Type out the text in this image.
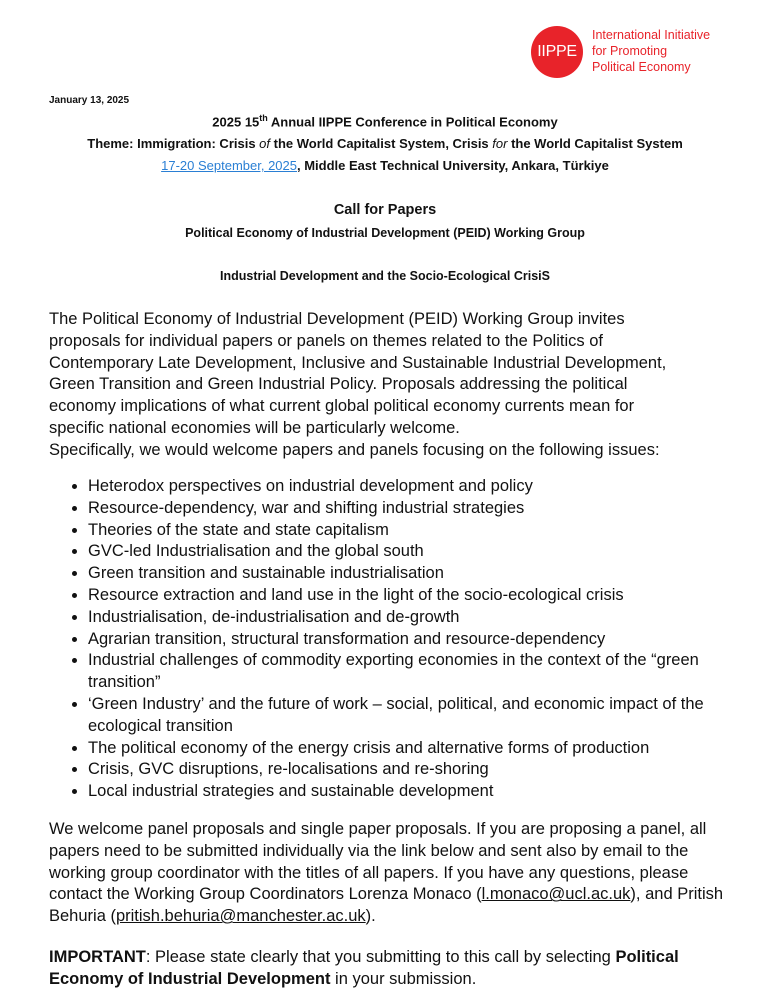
IIPPE
International Initiative
for Promoting
Political Economy
January 13, 2025
2025 15th Annual IIPPE Conference in Political Economy
Theme: Immigration: Crisis of the World Capitalist System, Crisis for the World Capitalist System
17-20 September, 2025, Middle East Technical University, Ankara, Türkiye
Call for Papers
Political Economy of Industrial Development (PEID) Working Group
Industrial Development and the Socio-Ecological CrisiS
The Political Economy of Industrial Development (PEID) Working Group invites
proposals for individual papers or panels on themes related to the Politics of
Contemporary Late Development, Inclusive and Sustainable Industrial Development,
Green Transition and Green Industrial Policy. Proposals addressing the political
economy implications of what current global political economy currents mean for
specific national economies will be particularly welcome.
Specifically, we would welcome papers and panels focusing on the following issues:
• Heterodox perspectives on industrial development and policy
• Resource-dependency, war and shifting industrial strategies
• Theories of the state and state capitalism
• GVC-led Industrialisation and the global south
• Green transition and sustainable industrialisation
• Resource extraction and land use in the light of the socio-ecological crisis
• Industrialisation, de-industrialisation and de-growth
• Agrarian transition, structural transformation and resource-dependency
• Industrial challenges of commodity exporting economies in the context of the “green transition”
• ‘Green Industry’ and the future of work – social, political, and economic impact of the ecological transition
• The political economy of the energy crisis and alternative forms of production
• Crisis, GVC disruptions, re-localisations and re-shoring
• Local industrial strategies and sustainable development
We welcome panel proposals and single paper proposals. If you are proposing a panel, all papers need to be submitted individually via the link below and sent also by email to the working group coordinator with the titles of all papers. If you have any questions, please contact the Working Group Coordinators Lorenza Monaco (l.monaco@ucl.ac.uk), and Pritish Behuria (pritish.behuria@manchester.ac.uk).
IMPORTANT: Please state clearly that you submitting to this call by selecting Political Economy of Industrial Development in your submission.
